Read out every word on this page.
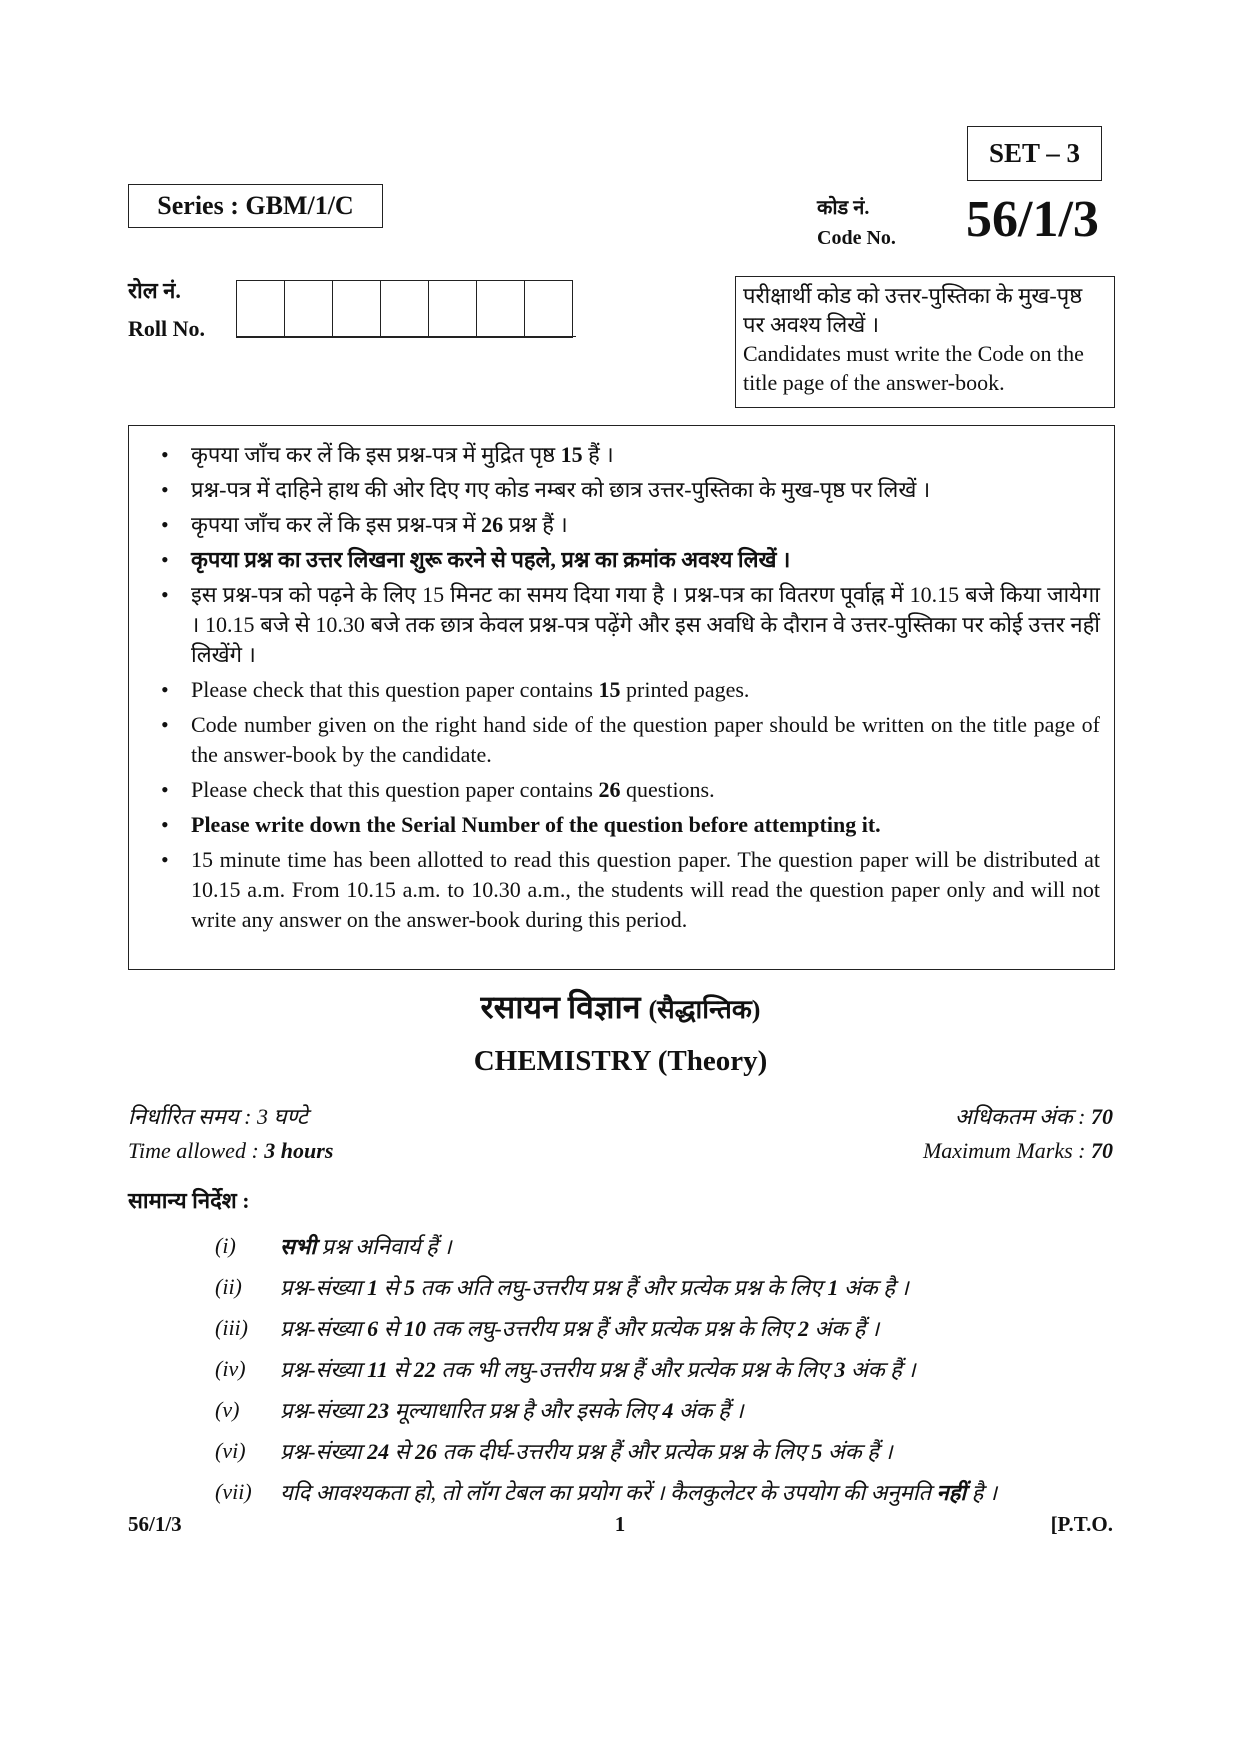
SET – 3
Series : GBM/1/C	कोड नं.
Code No. 56/1/3
रोल नं.
Roll No.
परीक्षार्थी कोड को उत्तर-पुस्तिका के मुख-पृष्ठ पर अवश्य लिखें ।
Candidates must write the Code on the title page of the answer-book.
• कृपया जाँच कर लें कि इस प्रश्न-पत्र में मुद्रित पृष्ठ 15 हैं ।
• प्रश्न-पत्र में दाहिने हाथ की ओर दिए गए कोड नम्बर को छात्र उत्तर-पुस्तिका के मुख-पृष्ठ पर लिखें ।
• कृपया जाँच कर लें कि इस प्रश्न-पत्र में 26 प्रश्न हैं ।
• कृपया प्रश्न का उत्तर लिखना शुरू करने से पहले, प्रश्न का क्रमांक अवश्य लिखें ।
• इस प्रश्न-पत्र को पढ़ने के लिए 15 मिनट का समय दिया गया है । प्रश्न-पत्र का वितरण पूर्वाह्न में 10.15 बजे किया जायेगा । 10.15 बजे से 10.30 बजे तक छात्र केवल प्रश्न-पत्र पढ़ेंगे और इस अवधि के दौरान वे उत्तर-पुस्तिका पर कोई उत्तर नहीं लिखेंगे ।
• Please check that this question paper contains 15 printed pages.
• Code number given on the right hand side of the question paper should be written on the title page of the answer-book by the candidate.
• Please check that this question paper contains 26 questions.
• Please write down the Serial Number of the question before attempting it.
• 15 minute time has been allotted to read this question paper. The question paper will be distributed at 10.15 a.m. From 10.15 a.m. to 10.30 a.m., the students will read the question paper only and will not write any answer on the answer-book during this period.
रसायन विज्ञान (सैद्धान्तिक)
CHEMISTRY (Theory)
निर्धारित समय : 3 घण्टे
Time allowed : 3 hours
अधिकतम अंक : 70
Maximum Marks : 70
सामान्य निर्देश :
(i)	सभी प्रश्न अनिवार्य हैं ।
(ii)	प्रश्न-संख्या 1 से 5 तक अति लघु-उत्तरीय प्रश्न हैं और प्रत्येक प्रश्न के लिए 1 अंक है ।
(iii)	प्रश्न-संख्या 6 से 10 तक लघु-उत्तरीय प्रश्न हैं और प्रत्येक प्रश्न के लिए 2 अंक हैं ।
(iv)	प्रश्न-संख्या 11 से 22 तक भी लघु-उत्तरीय प्रश्न हैं और प्रत्येक प्रश्न के लिए 3 अंक हैं ।
(v)	प्रश्न-संख्या 23 मूल्याधारित प्रश्न है और इसके लिए 4 अंक हैं ।
(vi)	प्रश्न-संख्या 24 से 26 तक दीर्घ-उत्तरीय प्रश्न हैं और प्रत्येक प्रश्न के लिए 5 अंक हैं ।
(vii)	यदि आवश्यकता हो, तो लॉग टेबल का प्रयोग करें । कैलकुलेटर के उपयोग की अनुमति नहीं है ।
56/1/3	1	[P.T.O.
